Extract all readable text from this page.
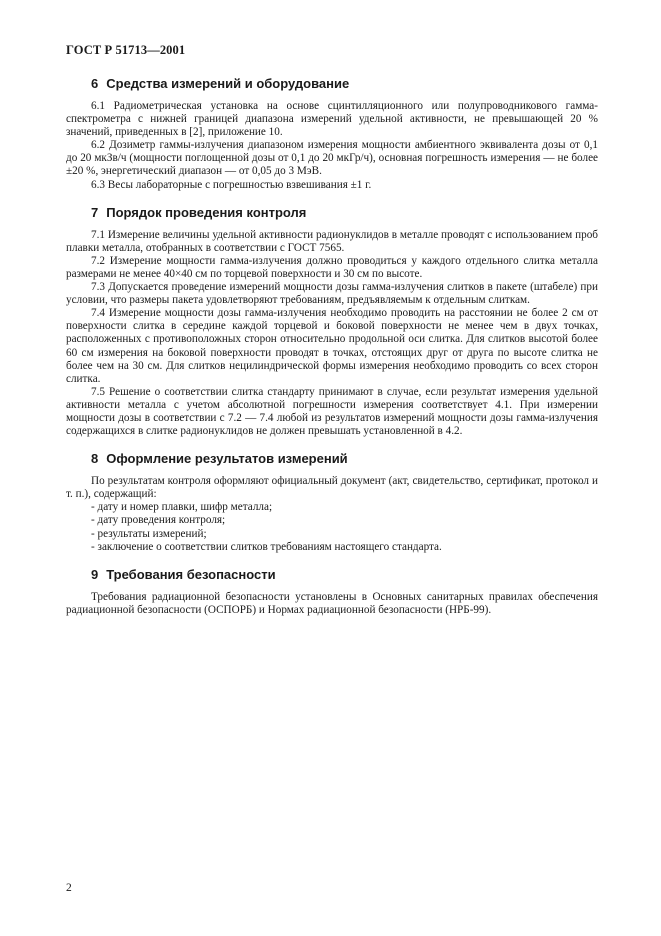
ГОСТ Р 51713—2001
6 Средства измерений и оборудование

6.1 Радиометрическая установка на основе сцинтилляционного или полупроводникового гамма-спектрометра с нижней границей диапазона измерений удельной активности, не превышающей 20 % значений, приведенных в [2], приложение 10.

6.2 Дозиметр гаммы-излучения диапазоном измерения мощности амбиентного эквивалента дозы от 0,1 до 20 мкЗв/ч (мощности поглощенной дозы от 0,1 до 20 мкГр/ч), основная погрешность измерения — не более ±20 %, энергетический диапазон — от 0,05 до 3 МэВ.

6.3 Весы лабораторные с погрешностью взвешивания ±1 г.

7 Порядок проведения контроля

7.1 Измерение величины удельной активности радионуклидов в металле проводят с использованием проб плавки металла, отобранных в соответствии с ГОСТ 7565.

7.2 Измерение мощности гамма-излучения должно проводиться у каждого отдельного слитка металла размерами не менее 40×40 см по торцевой поверхности и 30 см по высоте.

7.3 Допускается проведение измерений мощности дозы гамма-излучения слитков в пакете (штабеле) при условии, что размеры пакета удовлетворяют требованиям, предъявляемым к отдельным слиткам.

7.4 Измерение мощности дозы гамма-излучения необходимо проводить на расстоянии не более 2 см от поверхности слитка в середине каждой торцевой и боковой поверхности не менее чем в двух точках, расположенных с противоположных сторон относительно продольной оси слитка. Для слитков высотой более 60 см измерения на боковой поверхности проводят в точках, отстоящих друг от друга по высоте слитка не более чем на 30 см. Для слитков нецилиндрической формы измерения необходимо проводить со всех сторон слитка.

7.5 Решение о соответствии слитка стандарту принимают в случае, если результат измерения удельной активности металла с учетом абсолютной погрешности измерения соответствует 4.1. При измерении мощности дозы в соответствии с 7.2 — 7.4 любой из результатов измерений мощности дозы гамма-излучения содержащихся в слитке радионуклидов не должен превышать установленной в 4.2.

8 Оформление результатов измерений

По результатам контроля оформляют официальный документ (акт, свидетельство, сертификат, протокол и т. п.), содержащий:

- дату и номер плавки, шифр металла;

- дату проведения контроля;

- результаты измерений;

- заключение о соответствии слитков требованиям настоящего стандарта.

9 Требования безопасности

Требования радиационной безопасности установлены в Основных санитарных правилах обеспечения радиационной безопасности (ОСПОРБ) и Нормах радиационной безопасности (НРБ-99).

2
